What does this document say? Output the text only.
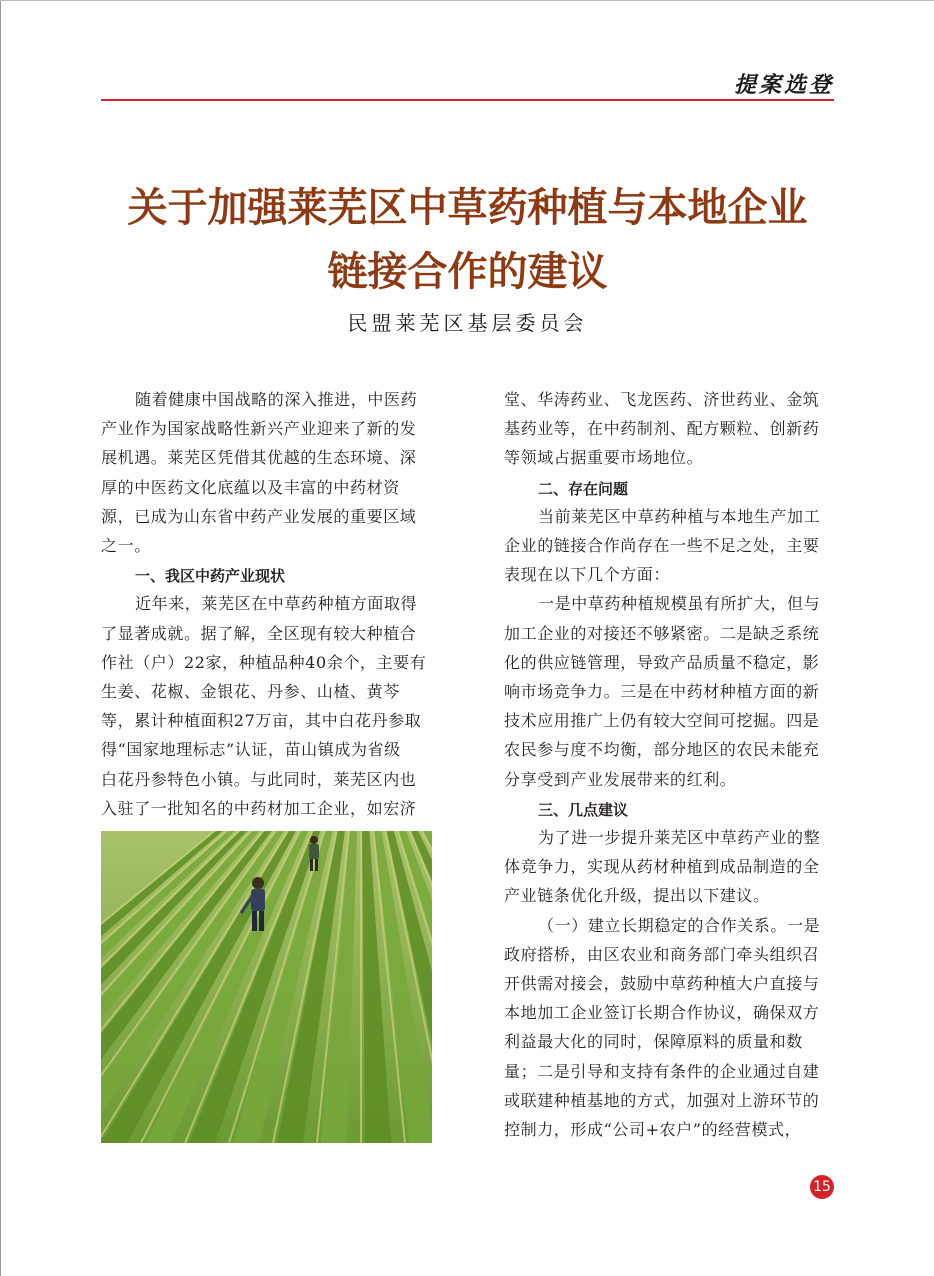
提案选登
关于加强莱芜区中草药种植与本地企业
链接合作的建议
民盟莱芜区基层委员会
随着健康中国战略的深入推进，中医药
产业作为国家战略性新兴产业迎来了新的发
展机遇。莱芜区凭借其优越的生态环境、深
厚的中医药文化底蕴以及丰富的中药材资
源，已成为山东省中药产业发展的重要区域
之一。
一、我区中药产业现状
近年来，莱芜区在中草药种植方面取得
了显著成就。据了解，全区现有较大种植合
作社（户）22家，种植品种40余个，主要有
生姜、花椒、金银花、丹参、山楂、黄芩
等，累计种植面积27万亩，其中白花丹参取
得“国家地理标志”认证，苗山镇成为省级
白花丹参特色小镇。与此同时，莱芜区内也
入驻了一批知名的中药材加工企业，如宏济
堂、华涛药业、飞龙医药、济世药业、金筑
基药业等，在中药制剂、配方颗粒、创新药
等领域占据重要市场地位。
二、存在问题
当前莱芜区中草药种植与本地生产加工
企业的链接合作尚存在一些不足之处，主要
表现在以下几个方面：
一是中草药种植规模虽有所扩大，但与
加工企业的对接还不够紧密。二是缺乏系统
化的供应链管理，导致产品质量不稳定，影
响市场竞争力。三是在中药材种植方面的新
技术应用推广上仍有较大空间可挖掘。四是
农民参与度不均衡，部分地区的农民未能充
分享受到产业发展带来的红利。
三、几点建议
为了进一步提升莱芜区中草药产业的整
体竞争力，实现从药材种植到成品制造的全
产业链条优化升级，提出以下建议。
（一）建立长期稳定的合作关系。一是
政府搭桥，由区农业和商务部门牵头组织召
开供需对接会，鼓励中草药种植大户直接与
本地加工企业签订长期合作协议，确保双方
利益最大化的同时，保障原料的质量和数
量；二是引导和支持有条件的企业通过自建
或联建种植基地的方式，加强对上游环节的
控制力，形成“公司+农户”的经营模式，
15
